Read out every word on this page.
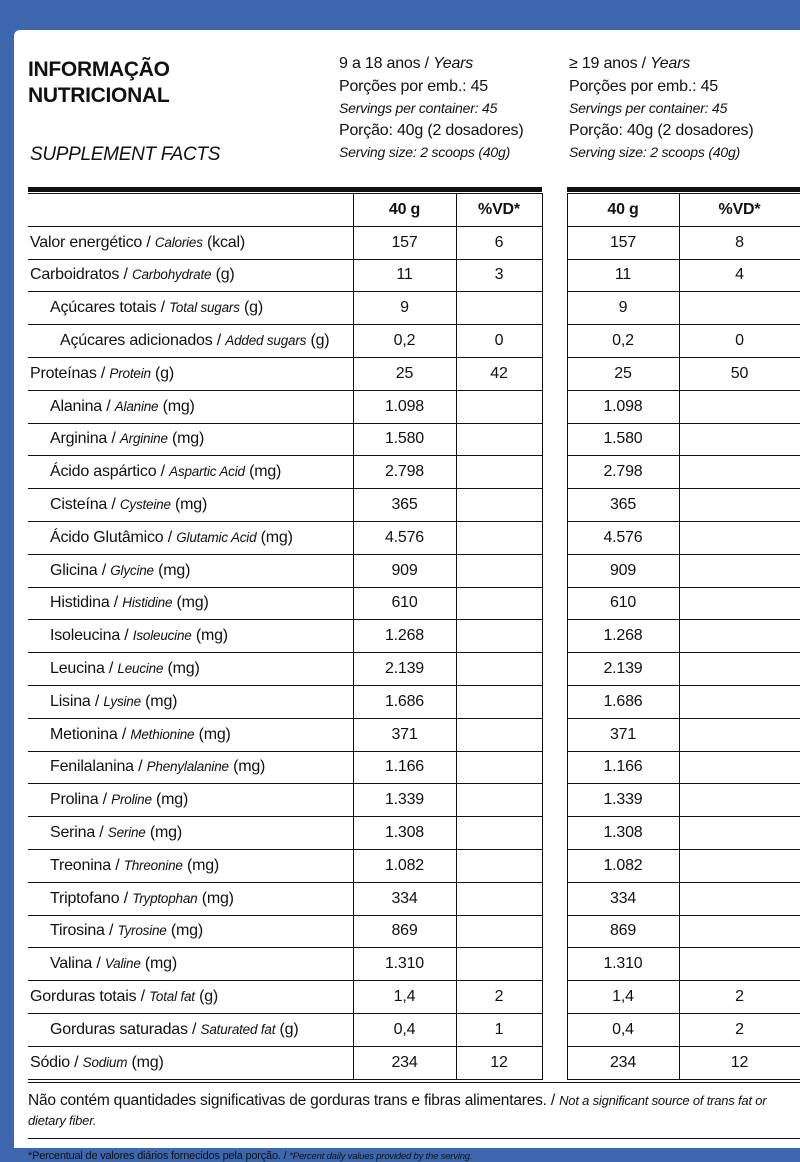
INFORMAÇÃO
NUTRICIONAL
SUPPLEMENT FACTS
9 a 18 anos / Years
Porções por emb.: 45
Servings per container: 45
Porção: 40g (2 dosadores)
Serving size: 2 scoops (40g)
≥ 19 anos / Years
Porções por emb.: 45
Servings per container: 45
Porção: 40g (2 dosadores)
Serving size: 2 scoops (40g)
	40 g	%VD*		40 g	%VD*
Valor energético / Calories (kcal)	157	6		157	8
Carboidratos / Carbohydrate (g)	11	3		11	4
Açúcares totais / Total sugars (g)	9			9	
Açúcares adicionados / Added sugars (g)	0,2	0		0,2	0
Proteínas / Protein (g)	25	42		25	50
Alanina / Alanine (mg)	1.098			1.098	
Arginina / Arginine (mg)	1.580			1.580	
Ácido aspártico / Aspartic Acid (mg)	2.798			2.798	
Cisteína / Cysteine (mg)	365			365	
Ácido Glutâmico / Glutamic Acid (mg)	4.576			4.576	
Glicina / Glycine (mg)	909			909	
Histidina / Histidine (mg)	610			610	
Isoleucina / Isoleucine (mg)	1.268			1.268	
Leucina / Leucine (mg)	2.139			2.139	
Lisina / Lysine (mg)	1.686			1.686	
Metionina / Methionine (mg)	371			371	
Fenilalanina / Phenylalanine (mg)	1.166			1.166	
Prolina / Proline (mg)	1.339			1.339	
Serina / Serine (mg)	1.308			1.308	
Treonina / Threonine (mg)	1.082			1.082	
Triptofano / Tryptophan (mg)	334			334	
Tirosina / Tyrosine (mg)	869			869	
Valina / Valine (mg)	1.310			1.310	
Gorduras totais / Total fat (g)	1,4	2		1,4	2
Gorduras saturadas / Saturated fat (g)	0,4	1		0,4	2
Sódio / Sodium (mg)	234	12		234	12
Não contém quantidades significativas de gorduras trans e fibras alimentares. / Not a significant source of trans fat or dietary fiber.
*Percentual de valores diários fornecidos pela porção. / *Percent daily values provided by the serving.
